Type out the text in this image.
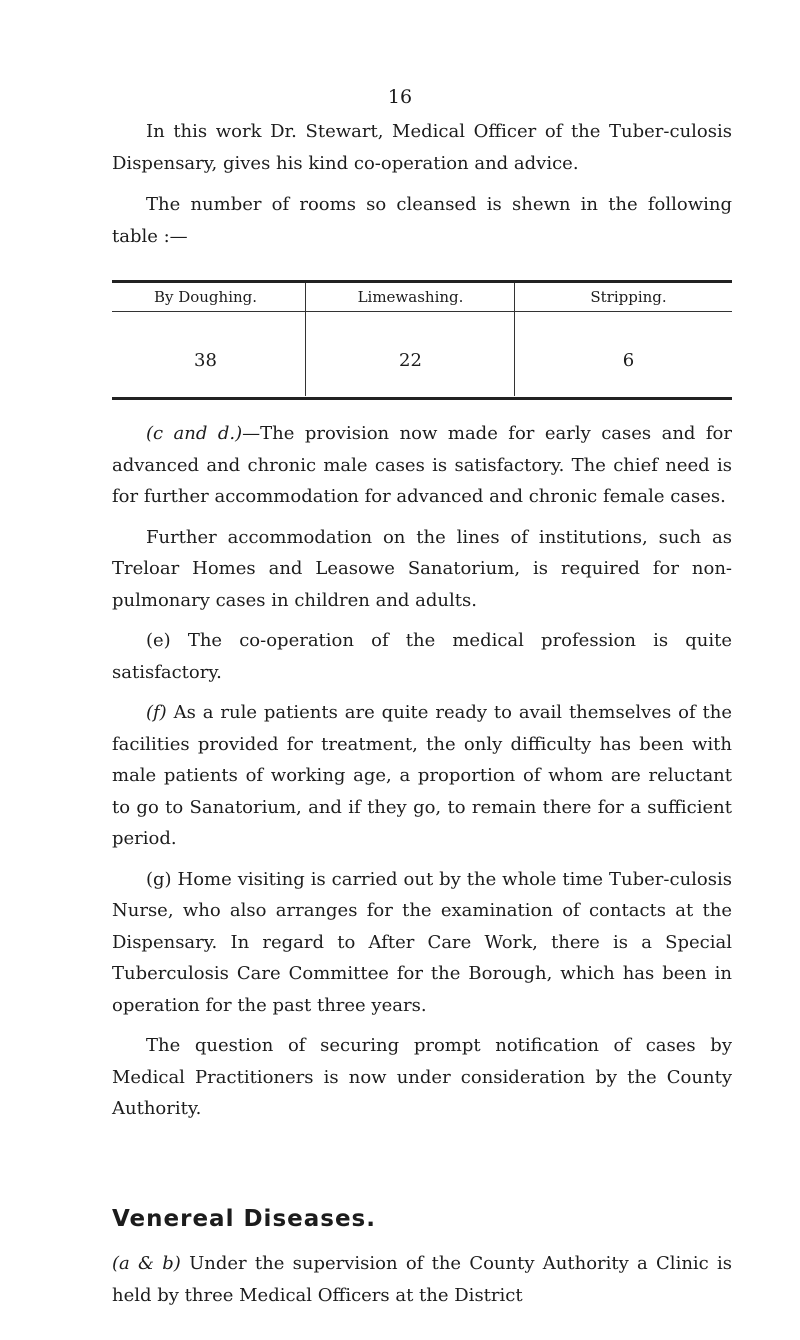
16

In this work Dr. Stewart, Medical Officer of the Tuber-culosis Dispensary, gives his kind co-operation and advice.

The number of rooms so cleansed is shewn in the following table :—

By Doughing.	Limewashing.	Stripping.
38	22	6

(c and d.)—The provision now made for early cases and for advanced and chronic male cases is satisfactory. The chief need is for further accommodation for advanced and chronic female cases.

Further accommodation on the lines of institutions, such as Treloar Homes and Leasowe Sanatorium, is required for non-pulmonary cases in children and adults.

(e) The co-operation of the medical profession is quite satisfactory.

(f) As a rule patients are quite ready to avail themselves of the facilities provided for treatment, the only difficulty has been with male patients of working age, a proportion of whom are reluctant to go to Sanatorium, and if they go, to remain there for a sufficient period.

(g) Home visiting is carried out by the whole time Tuber-culosis Nurse, who also arranges for the examination of contacts at the Dispensary. In regard to After Care Work, there is a Special Tuberculosis Care Committee for the Borough, which has been in operation for the past three years.

The question of securing prompt notification of cases by Medical Practitioners is now under consideration by the County Authority.

Venereal Diseases.

(a & b) Under the supervision of the County Authority a Clinic is held by three Medical Officers at the District
